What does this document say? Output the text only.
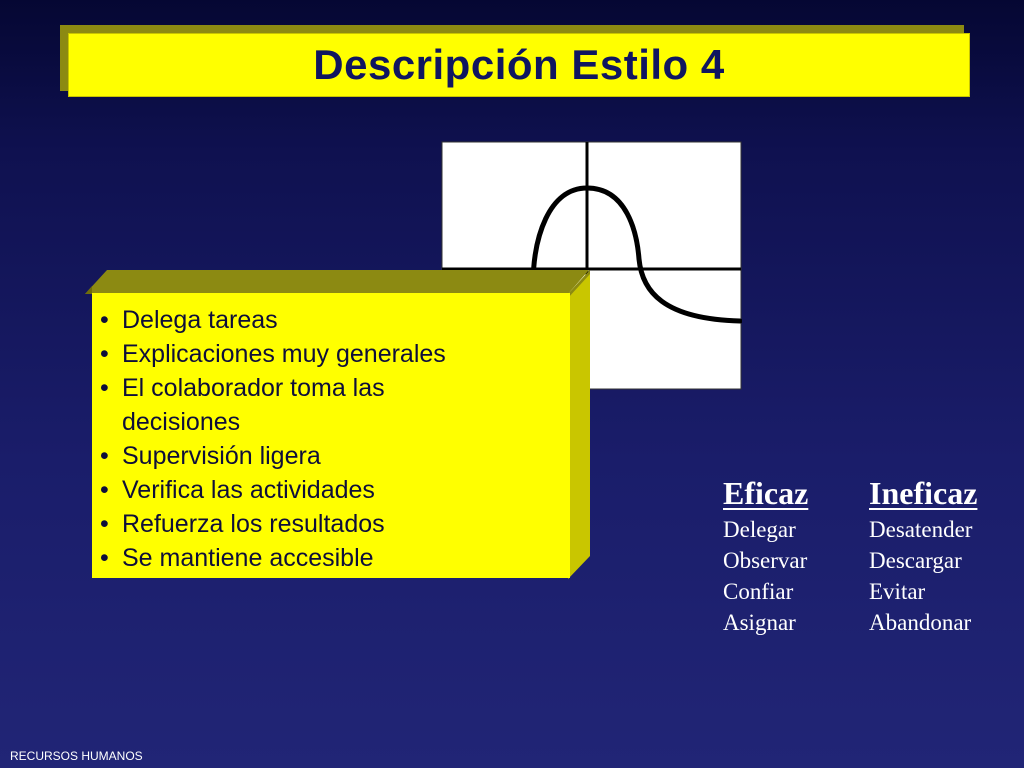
Descripción Estilo 4
• Delega tareas
• Explicaciones muy generales
• El colaborador toma las decisiones
• Supervisión ligera
• Verifica las actividades
• Refuerza los resultados
• Se mantiene accesible
Eficaz
Delegar
Observar
Confiar
Asignar
Ineficaz
Desatender
Descargar
Evitar
Abandonar
RECURSOS HUMANOS
